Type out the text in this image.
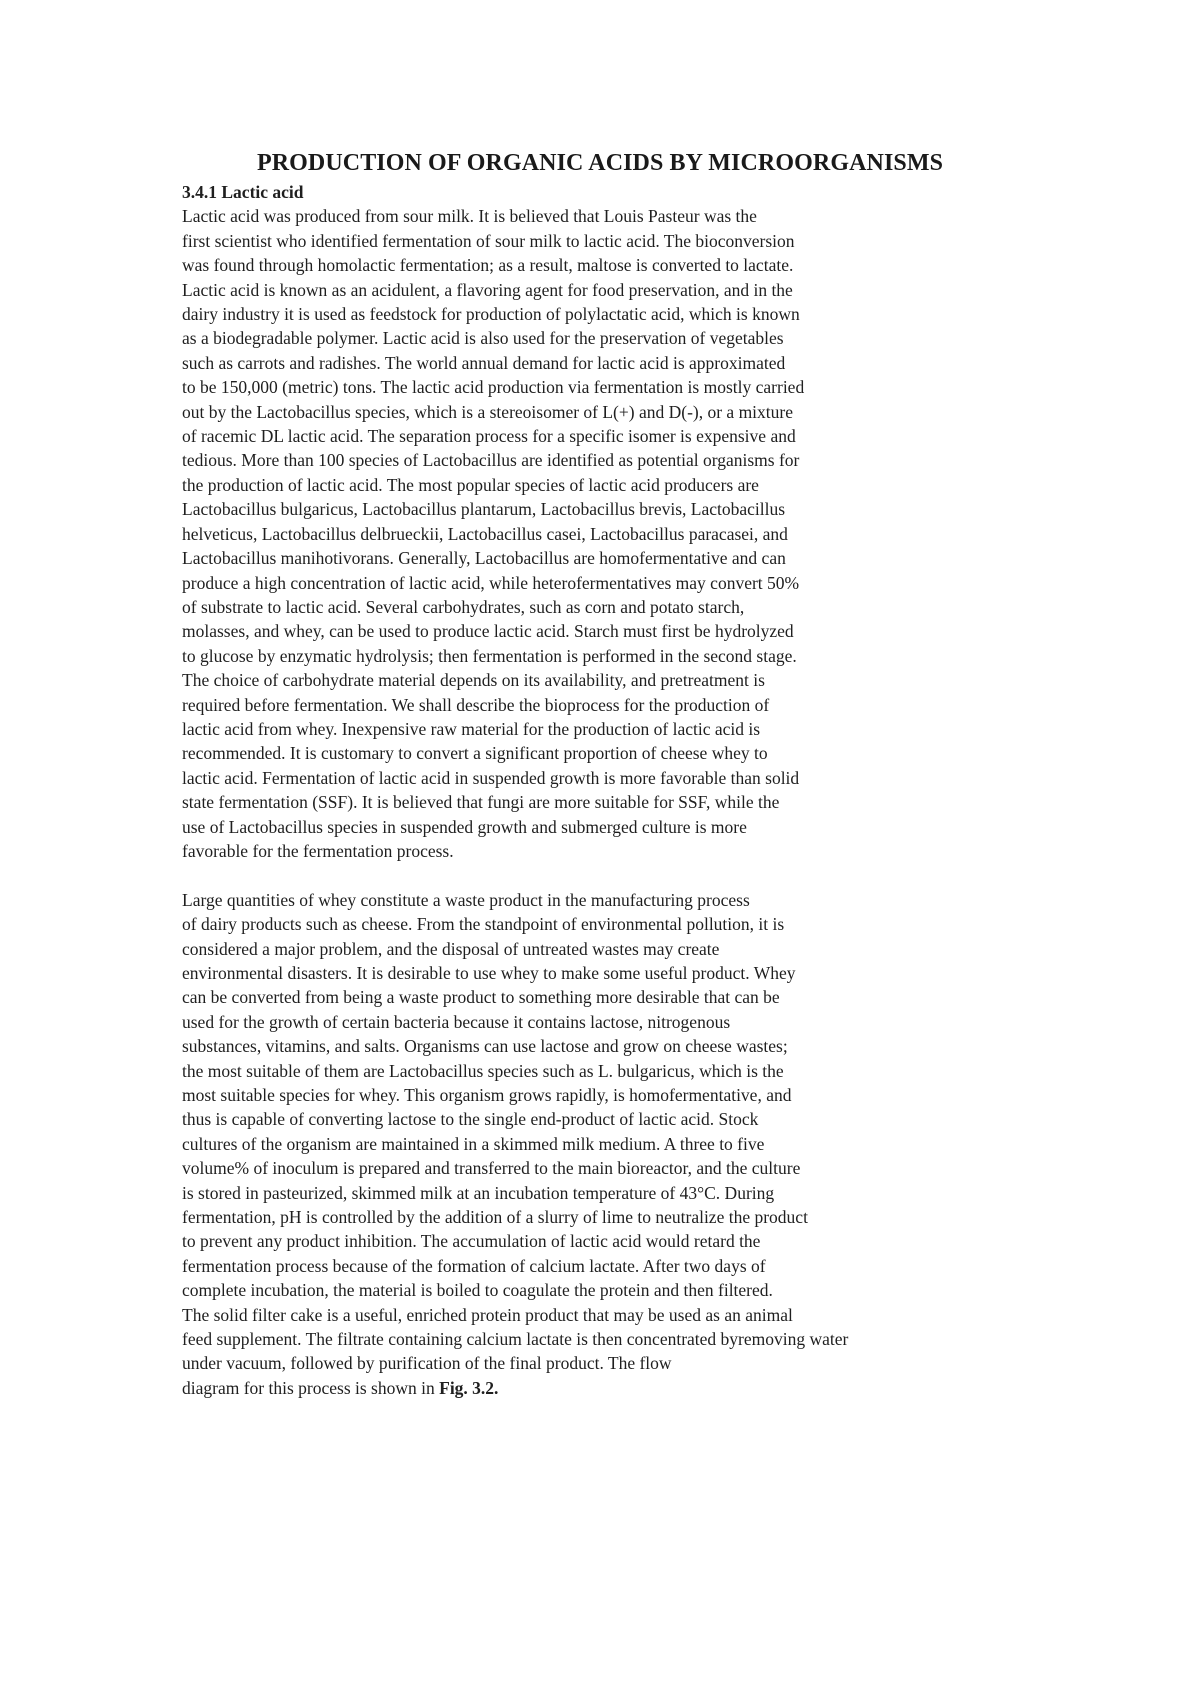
PRODUCTION OF ORGANIC ACIDS BY MICROORGANISMS
3.4.1 Lactic acid
Lactic acid was produced from sour milk. It is believed that Louis Pasteur was the
first scientist who identified fermentation of sour milk to lactic acid. The bioconversion
was found through homolactic fermentation; as a result, maltose is converted to lactate.
Lactic acid is known as an acidulent, a flavoring agent for food preservation, and in the
dairy industry it is used as feedstock for production of polylactatic acid, which is known
as a biodegradable polymer. Lactic acid is also used for the preservation of vegetables
such as carrots and radishes. The world annual demand for lactic acid is approximated
to be 150,000 (metric) tons. The lactic acid production via fermentation is mostly carried
out by the Lactobacillus species, which is a stereoisomer of L(+) and D(-), or a mixture
of racemic DL lactic acid. The separation process for a specific isomer is expensive and
tedious. More than 100 species of Lactobacillus are identified as potential organisms for
the production of lactic acid. The most popular species of lactic acid producers are
Lactobacillus bulgaricus, Lactobacillus plantarum, Lactobacillus brevis, Lactobacillus
helveticus, Lactobacillus delbrueckii, Lactobacillus casei, Lactobacillus paracasei, and
Lactobacillus manihotivorans. Generally, Lactobacillus are homofermentative and can
produce a high concentration of lactic acid, while heterofermentatives may convert 50%
of substrate to lactic acid. Several carbohydrates, such as corn and potato starch,
molasses, and whey, can be used to produce lactic acid. Starch must first be hydrolyzed
to glucose by enzymatic hydrolysis; then fermentation is performed in the second stage.
The choice of carbohydrate material depends on its availability, and pretreatment is
required before fermentation. We shall describe the bioprocess for the production of
lactic acid from whey. Inexpensive raw material for the production of lactic acid is
recommended. It is customary to convert a significant proportion of cheese whey to
lactic acid. Fermentation of lactic acid in suspended growth is more favorable than solid
state fermentation (SSF). It is believed that fungi are more suitable for SSF, while the
use of Lactobacillus species in suspended growth and submerged culture is more
favorable for the fermentation process.
Large quantities of whey constitute a waste product in the manufacturing process
of dairy products such as cheese. From the standpoint of environmental pollution, it is
considered a major problem, and the disposal of untreated wastes may create
environmental disasters. It is desirable to use whey to make some useful product. Whey
can be converted from being a waste product to something more desirable that can be
used for the growth of certain bacteria because it contains lactose, nitrogenous
substances, vitamins, and salts. Organisms can use lactose and grow on cheese wastes;
the most suitable of them are Lactobacillus species such as L. bulgaricus, which is the
most suitable species for whey. This organism grows rapidly, is homofermentative, and
thus is capable of converting lactose to the single end-product of lactic acid. Stock
cultures of the organism are maintained in a skimmed milk medium. A three to five
volume% of inoculum is prepared and transferred to the main bioreactor, and the culture
is stored in pasteurized, skimmed milk at an incubation temperature of 43°C. During
fermentation, pH is controlled by the addition of a slurry of lime to neutralize the product
to prevent any product inhibition. The accumulation of lactic acid would retard the
fermentation process because of the formation of calcium lactate. After two days of
complete incubation, the material is boiled to coagulate the protein and then filtered.
The solid filter cake is a useful, enriched protein product that may be used as an animal
feed supplement. The filtrate containing calcium lactate is then concentrated byremoving water
under vacuum, followed by purification of the final product. The flow
diagram for this process is shown in Fig. 3.2.
